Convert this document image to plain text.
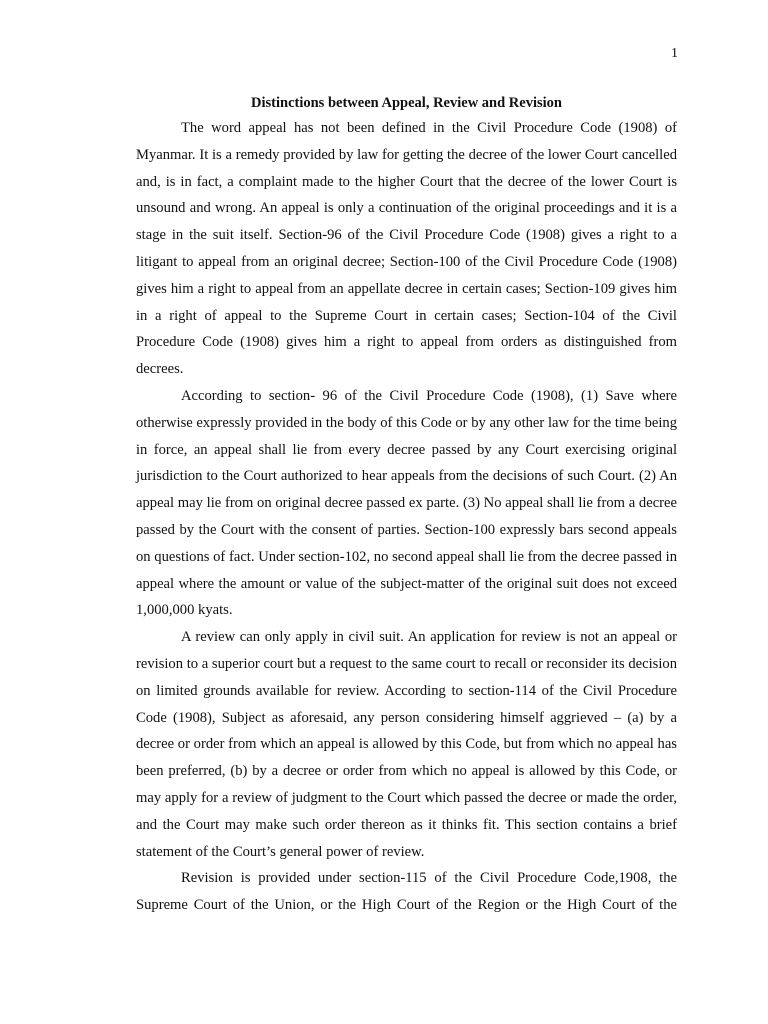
1
Distinctions between Appeal, Review and Revision

The word appeal has not been defined in the Civil Procedure Code (1908) of Myanmar. It is a remedy provided by law for getting the decree of the lower Court cancelled and, is in fact, a complaint made to the higher Court that the decree of the lower Court is unsound and wrong. An appeal is only a continuation of the original proceedings and it is a stage in the suit itself. Section-96 of the Civil Procedure Code (1908) gives a right to a litigant to appeal from an original decree; Section-100 of the Civil Procedure Code (1908) gives him a right to appeal from an appellate decree in certain cases; Section-109 gives him in a right of appeal to the Supreme Court in certain cases; Section-104 of the Civil Procedure Code (1908) gives him a right to appeal from orders as distinguished from decrees.

According to section- 96 of the Civil Procedure Code (1908), (1) Save where otherwise expressly provided in the body of this Code or by any other law for the time being in force, an appeal shall lie from every decree passed by any Court exercising original jurisdiction to the Court authorized to hear appeals from the decisions of such Court. (2) An appeal may lie from on original decree passed ex parte. (3) No appeal shall lie from a decree passed by the Court with the consent of parties. Section-100 expressly bars second appeals on questions of fact. Under section-102, no second appeal shall lie from the decree passed in appeal where the amount or value of the subject-matter of the original suit does not exceed 1,000,000 kyats.

A review can only apply in civil suit. An application for review is not an appeal or revision to a superior court but a request to the same court to recall or reconsider its decision on limited grounds available for review. According to section-114 of the Civil Procedure Code (1908), Subject as aforesaid, any person considering himself aggrieved – (a) by a decree or order from which an appeal is allowed by this Code, but from which no appeal has been preferred, (b) by a decree or order from which no appeal is allowed by this Code, or may apply for a review of judgment to the Court which passed the decree or made the order, and the Court may make such order thereon as it thinks fit. This section contains a brief statement of the Court’s general power of review.

Revision is provided under section-115 of the Civil Procedure Code,1908, the Supreme Court of the Union, or the High Court of the Region or the High Court of the
